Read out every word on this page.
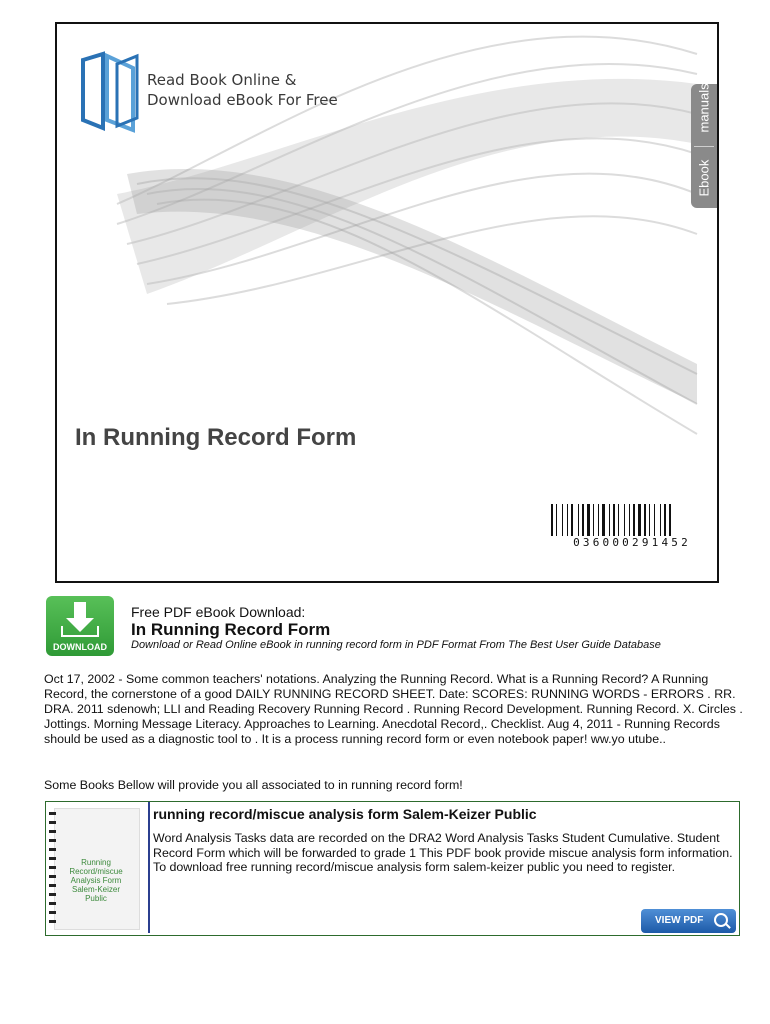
Read Book Online &
Download eBook For Free	manuals
Ebook
In Running Record Form
036000291452
DOWNLOAD
Free PDF eBook Download:
In Running Record Form
Download or Read Online eBook in running record form in PDF Format From The Best User Guide Database
Oct 17, 2002 - Some common teachers' notations. Analyzing the Running Record. What is a Running Record? A Running Record, the cornerstone of a good DAILY RUNNING RECORD SHEET. Date: SCORES: RUNNING WORDS - ERRORS . RR. DRA. 2011 sdenowh; LLI and Reading Recovery Running Record . Running Record Development. Running Record. X. Circles . Jottings. Morning Message Literacy. Approaches to Learning. Anecdotal Record,. Checklist. Aug 4, 2011 - Running Records should be used as a diagnostic tool to . It is a process running record form or even notebook paper! ww.yo utube..
Some Books Bellow will provide you all associated to in running record form!
Running Record/miscue Analysis Form Salem-Keizer Public
running record/miscue analysis form Salem-Keizer Public
Word Analysis Tasks data are recorded on the DRA2 Word Analysis Tasks Student Cumulative. Student Record Form which will be forwarded to grade 1 This PDF book provide miscue analysis form information. To download free running record/miscue analysis form salem-keizer public you need to register.
VIEW PDF
